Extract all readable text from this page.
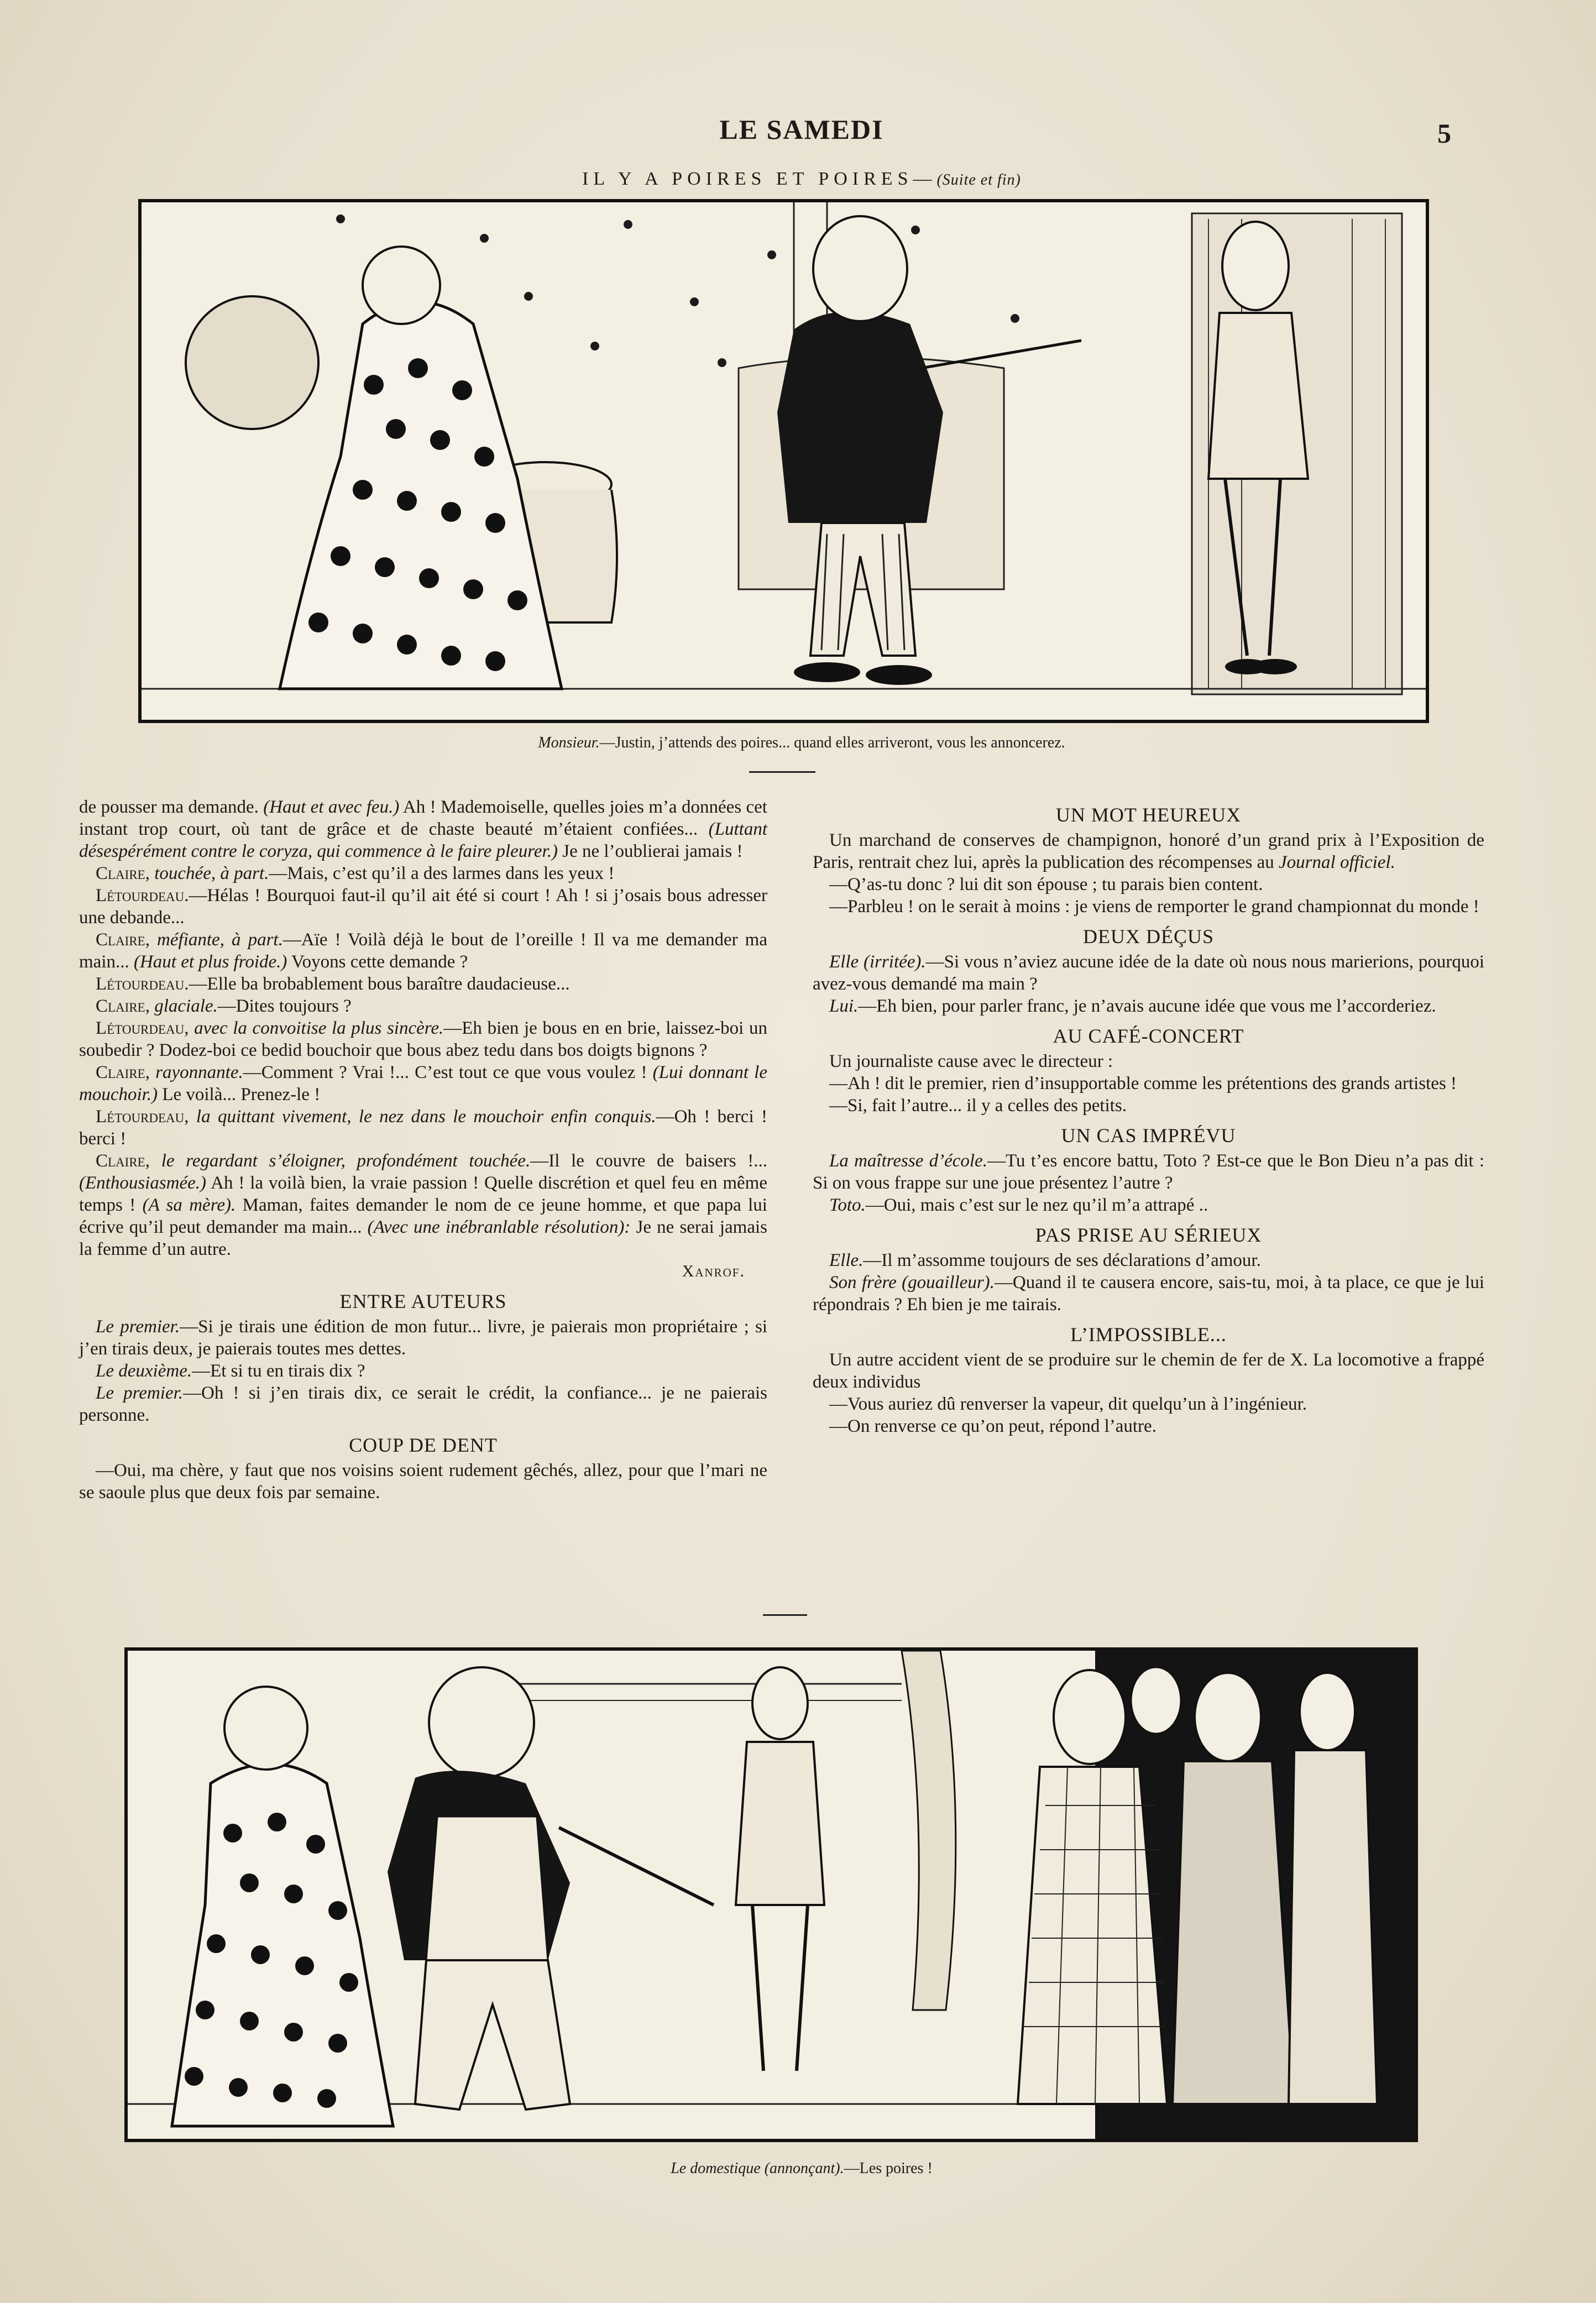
LE SAMEDI	5
IL Y A POIRES ET POIRES—(Suite et fin)
Monsieur.—Justin, j’attends des poires... quand elles arriveront, vous les annoncerez.

de pousser ma demande. (Haut et avec feu.) Ah ! Mademoiselle, quelles joies m’a données cet instant trop court, où tant de grâce et de chaste beauté m’étaient confiées... (Luttant désespérément contre le coryza, qui commence à le faire pleurer.) Je ne l’oublierai jamais !

Claire, touchée, à part.—Mais, c’est qu’il a des larmes dans les yeux !

Létourdeau.—Hélas ! Bourquoi faut-il qu’il ait été si court ! Ah ! si j’osais bous adresser une debande...

Claire, méfiante, à part.—Aïe ! Voilà déjà le bout de l’oreille ! Il va me demander ma main... (Haut et plus froide.) Voyons cette demande ?

Létourdeau.—Elle ba brobablement bous baraître daudacieuse...

Claire, glaciale.—Dites toujours ?

Létourdeau, avec la convoitise la plus sincère.—Eh bien je bous en en brie, laissez-boi un soubedir ? Dodez-boi ce bedid bouchoir que bous abez tedu dans bos doigts bignons ?

Claire, rayonnante.—Comment ? Vrai !... C’est tout ce que vous voulez ! (Lui donnant le mouchoir.) Le voilà... Prenez-le !

Létourdeau, la quittant vivement, le nez dans le mouchoir enfin conquis.—Oh ! berci ! berci !

Claire, le regardant s’éloigner, profondément touchée.—Il le couvre de baisers !... (Enthousiasmée.) Ah ! la voilà bien, la vraie passion ! Quelle discrétion et quel feu en même temps ! (A sa mère). Maman, faites demander le nom de ce jeune homme, et que papa lui écrive qu’il peut demander ma main... (Avec une inébranlable résolution): Je ne serai jamais la femme d’un autre.

Xanrof.
ENTRE AUTEURS

Le premier.—Si je tirais une édition de mon futur... livre, je paierais mon propriétaire ; si j’en tirais deux, je paierais toutes mes dettes.

Le deuxième.—Et si tu en tirais dix ?

Le premier.—Oh ! si j’en tirais dix, ce serait le crédit, la confiance... je ne paierais personne.

COUP DE DENT

—Oui, ma chère, y faut que nos voisins soient rudement gêchés, allez, pour que l’mari ne se saoule plus que deux fois par semaine.

UN MOT HEUREUX

Un marchand de conserves de champignon, honoré d’un grand prix à l’Exposition de Paris, rentrait chez lui, après la publication des récompenses au Journal officiel.

—Q’as-tu donc ? lui dit son épouse ; tu parais bien content.

—Parbleu ! on le serait à moins : je viens de remporter le grand championnat du monde !

DEUX DÉÇUS

Elle (irritée).—Si vous n’aviez aucune idée de la date où nous nous marierions, pourquoi avez-vous demandé ma main ?

Lui.—Eh bien, pour parler franc, je n’avais aucune idée que vous me l’accorderiez.

AU CAFÉ-CONCERT

Un journaliste cause avec le directeur :

—Ah ! dit le premier, rien d’insupportable comme les prétentions des grands artistes !

—Si, fait l’autre... il y a celles des petits.

UN CAS IMPRÉVU

La maîtresse d’école.—Tu t’es encore battu, Toto ? Est-ce que le Bon Dieu n’a pas dit : Si on vous frappe sur une joue présentez l’autre ?

Toto.—Oui, mais c’est sur le nez qu’il m’a attrapé ..

PAS PRISE AU SÉRIEUX

Elle.—Il m’assomme toujours de ses déclarations d’amour.

Son frère (gouailleur).—Quand il te causera encore, sais-tu, moi, à ta place, ce que je lui répondrais ? Eh bien je me tairais.

L’IMPOSSIBLE...

Un autre accident vient de se produire sur le chemin de fer de X. La locomotive a frappé deux individus

—Vous auriez dû renverser la vapeur, dit quelqu’un à l’ingénieur.

—On renverse ce qu’on peut, répond l’autre.

Le domestique (annonçant).—Les poires !
